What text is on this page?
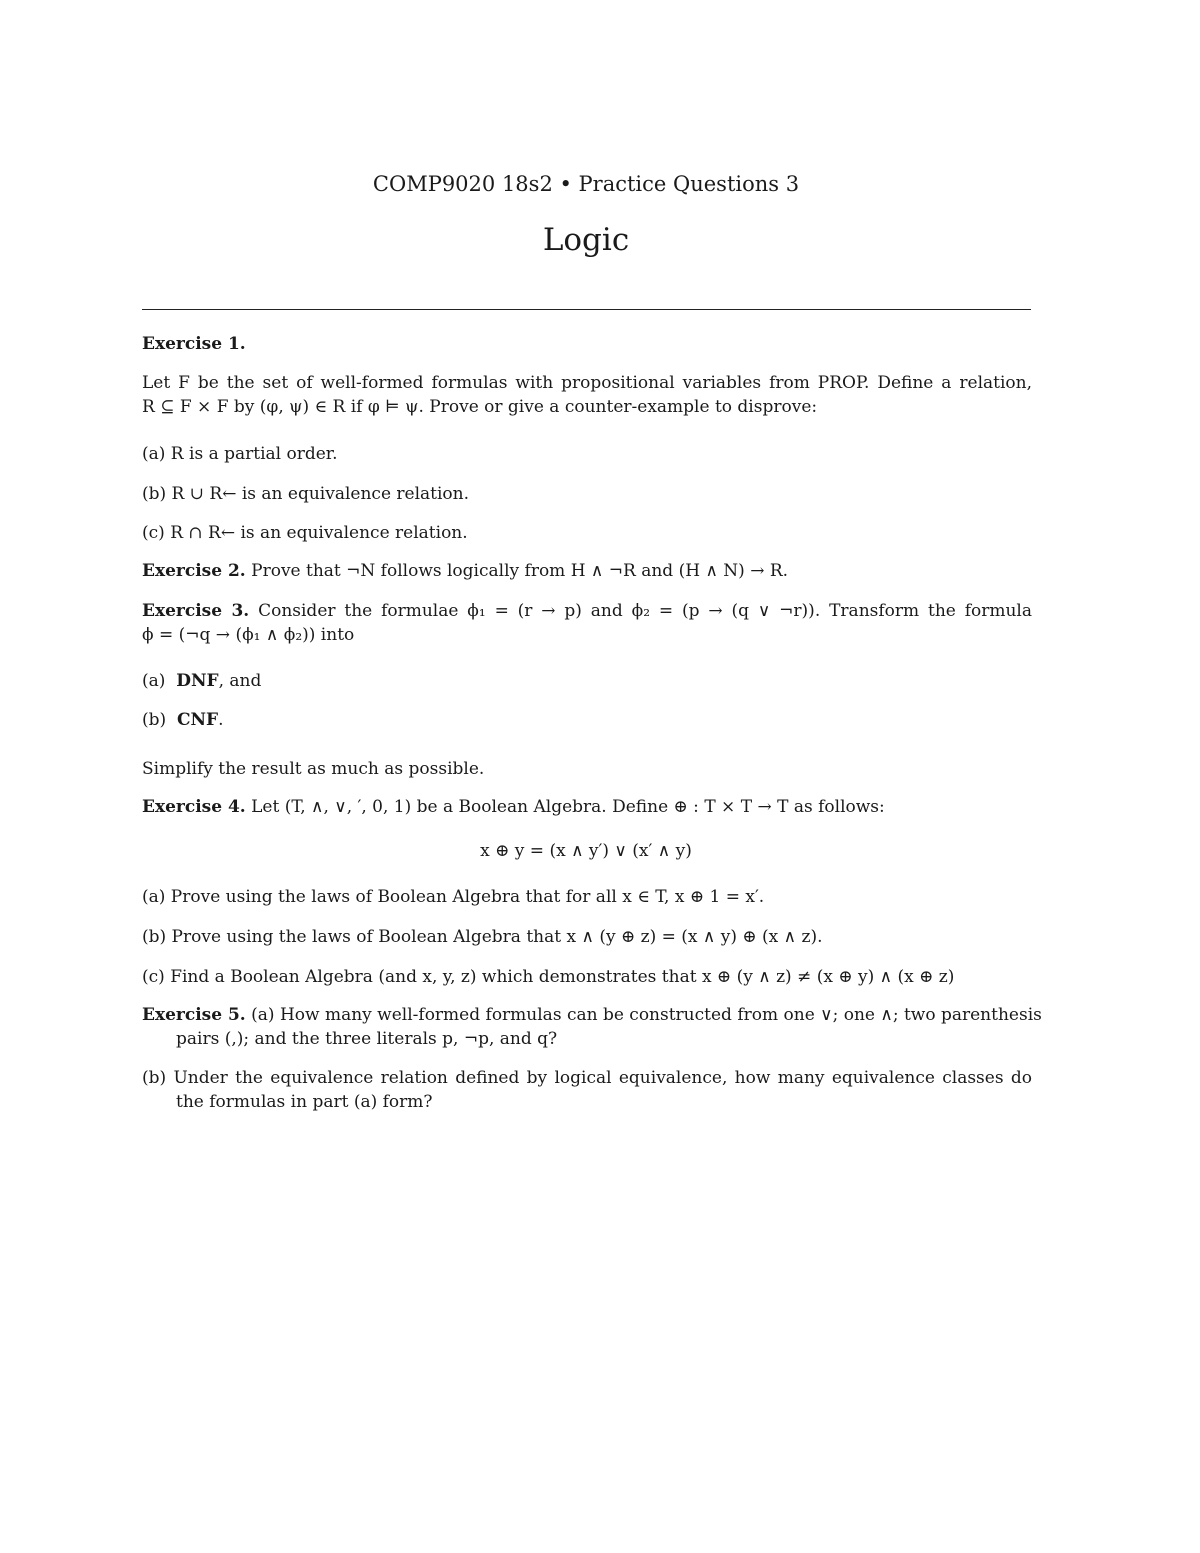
COMP9020 18s2 • Practice Questions 3
Logic
Exercise 1.
Let F be the set of well-formed formulas with propositional variables from PROP. Define a relation,
R ⊆ F × F by (φ, ψ) ∈ R if φ ⊨ ψ. Prove or give a counter-example to disprove:
(a) R is a partial order.
(b) R ∪ R← is an equivalence relation.
(c) R ∩ R← is an equivalence relation.
Exercise 2. Prove that ¬N follows logically from H ∧ ¬R and (H ∧ N) → R.
Exercise 3. Consider the formulae ϕ₁ = (r → p) and ϕ₂ = (p → (q ∨ ¬r)). Transform the formula
ϕ = (¬q → (ϕ₁ ∧ ϕ₂)) into
(a) DNF, and
(b) CNF.
Simplify the result as much as possible.
Exercise 4. Let (T, ∧, ∨, ′, 0, 1) be a Boolean Algebra. Define ⊕ : T × T → T as follows:
x ⊕ y = (x ∧ y′) ∨ (x′ ∧ y)
(a) Prove using the laws of Boolean Algebra that for all x ∈ T, x ⊕ 1 = x′.
(b) Prove using the laws of Boolean Algebra that x ∧ (y ⊕ z) = (x ∧ y) ⊕ (x ∧ z).
(c) Find a Boolean Algebra (and x, y, z) which demonstrates that x ⊕ (y ∧ z) ≠ (x ⊕ y) ∧ (x ⊕ z)
Exercise 5. (a) How many well-formed formulas can be constructed from one ∨; one ∧; two parenthesis
pairs (,); and the three literals p, ¬p, and q?
(b) Under the equivalence relation defined by logical equivalence, how many equivalence classes do
the formulas in part (a) form?
